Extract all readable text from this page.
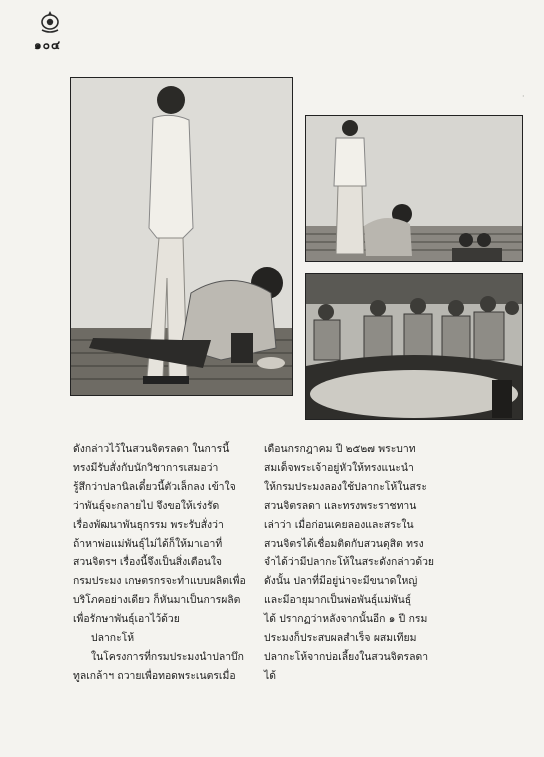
๑๐๔
·

ดังกล่าวไว้ในสวนจิตรลดา ในการนี้

ทรงมีรับสั่งกับนักวิชาการเสมอว่า

รู้สึกว่าปลานิลเดี๋ยวนี้ตัวเล็กลง เข้าใจ

ว่าพันธุ์จะกลายไป จึงขอให้เร่งรัด

เรื่องพัฒนาพันธุกรรม พระรับสั่งว่า

ถ้าหาพ่อแม่พันธุ์ไม่ได้ก็ให้มาเอาที่

สวนจิตรฯ เรื่องนี้จึงเป็นสิ่งเตือนใจ

กรมประมง เกษตรกรจะทำแบบผลิตเพื่อ

บริโภคอย่างเดียว ก็หันมาเป็นการผลิต

เพื่อรักษาพันธุ์เอาไว้ด้วย

ปลากะโห้

ในโครงการที่กรมประมงนำปลาบึก

ทูลเกล้าฯ ถวายเพื่อทอดพระเนตรเมื่อ

เดือนกรกฎาคม ปี ๒๕๒๗ พระบาท

สมเด็จพระเจ้าอยู่หัวให้ทรงแนะนำ

ให้กรมประมงลองใช้ปลากะโห้ในสระ

สวนจิตรลดา และทรงพระราชทาน

เล่าว่า เมื่อก่อนเคยลองและสระใน

สวนจิตรได้เชื่อมติดกับสวนดุสิต ทรง

จำได้ว่ามีปลากะโห้ในสระดังกล่าวด้วย

ดังนั้น ปลาที่มีอยู่น่าจะมีขนาดใหญ่

และมีอายุมากเป็นพ่อพันธุ์แม่พันธุ์

ได้ ปรากฏว่าหลังจากนั้นอีก ๑ ปี กรม

ประมงก็ประสบผลสำเร็จ ผสมเทียม

ปลากะโห้จากบ่อเลี้ยงในสวนจิตรลดา

ได้
